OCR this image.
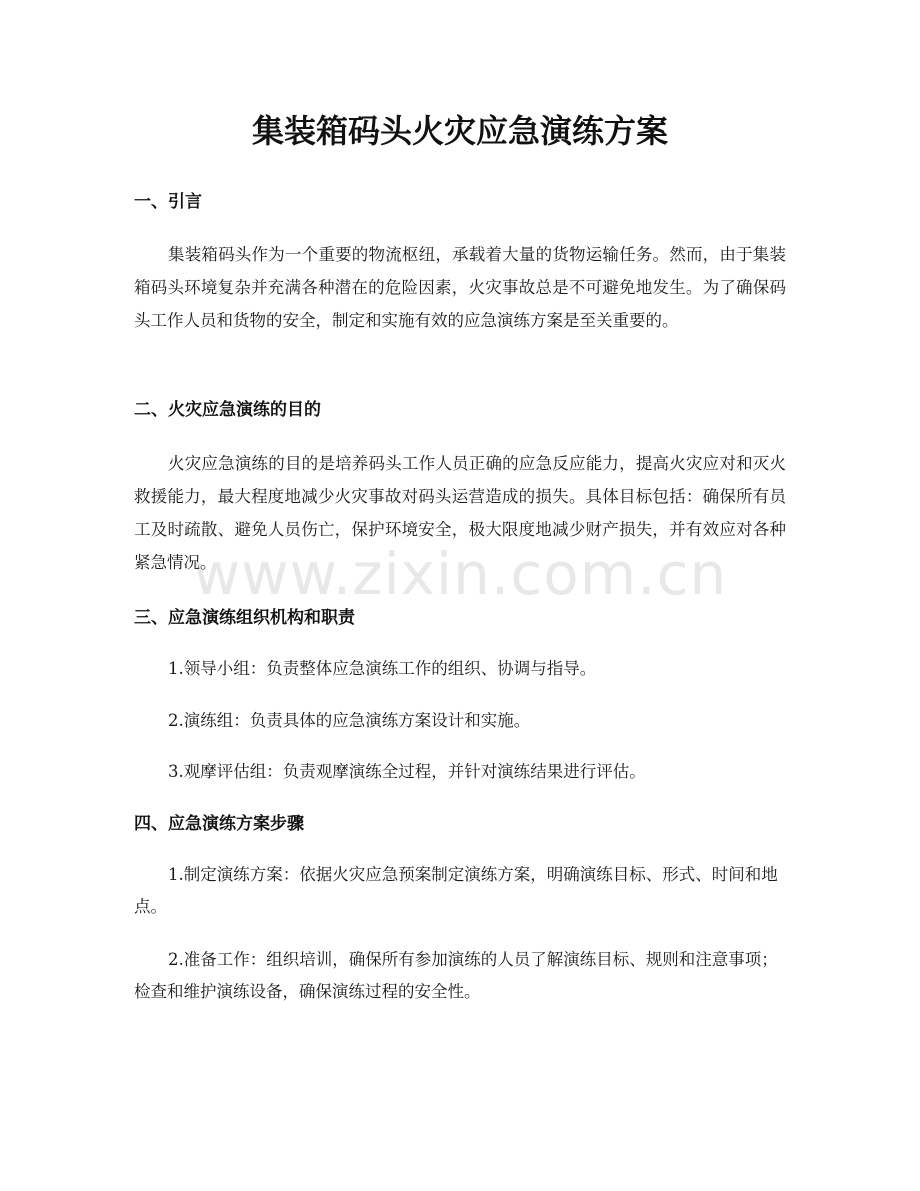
集装箱码头火灾应急演练方案
一、引言

集装箱码头作为一个重要的物流枢纽，承载着大量的货物运输任务。然而，由于集装箱码头环境复杂并充满各种潜在的危险因素，火灾事故总是不可避免地发生。为了确保码头工作人员和货物的安全，制定和实施有效的应急演练方案是至关重要的。

二、火灾应急演练的目的

火灾应急演练的目的是培养码头工作人员正确的应急反应能力，提高火灾应对和灭火救援能力，最大程度地减少火灾事故对码头运营造成的损失。具体目标包括：确保所有员工及时疏散、避免人员伤亡，保护环境安全，极大限度地减少财产损失，并有效应对各种紧急情况。

三、应急演练组织机构和职责

1.领导小组：负责整体应急演练工作的组织、协调与指导。

2.演练组：负责具体的应急演练方案设计和实施。

3.观摩评估组：负责观摩演练全过程，并针对演练结果进行评估。

四、应急演练方案步骤

1.制定演练方案：依据火灾应急预案制定演练方案，明确演练目标、形式、时间和地点。

2.准备工作：组织培训，确保所有参加演练的人员了解演练目标、规则和注意事项；检查和维护演练设备，确保演练过程的安全性。

www.zixin.com.cn
